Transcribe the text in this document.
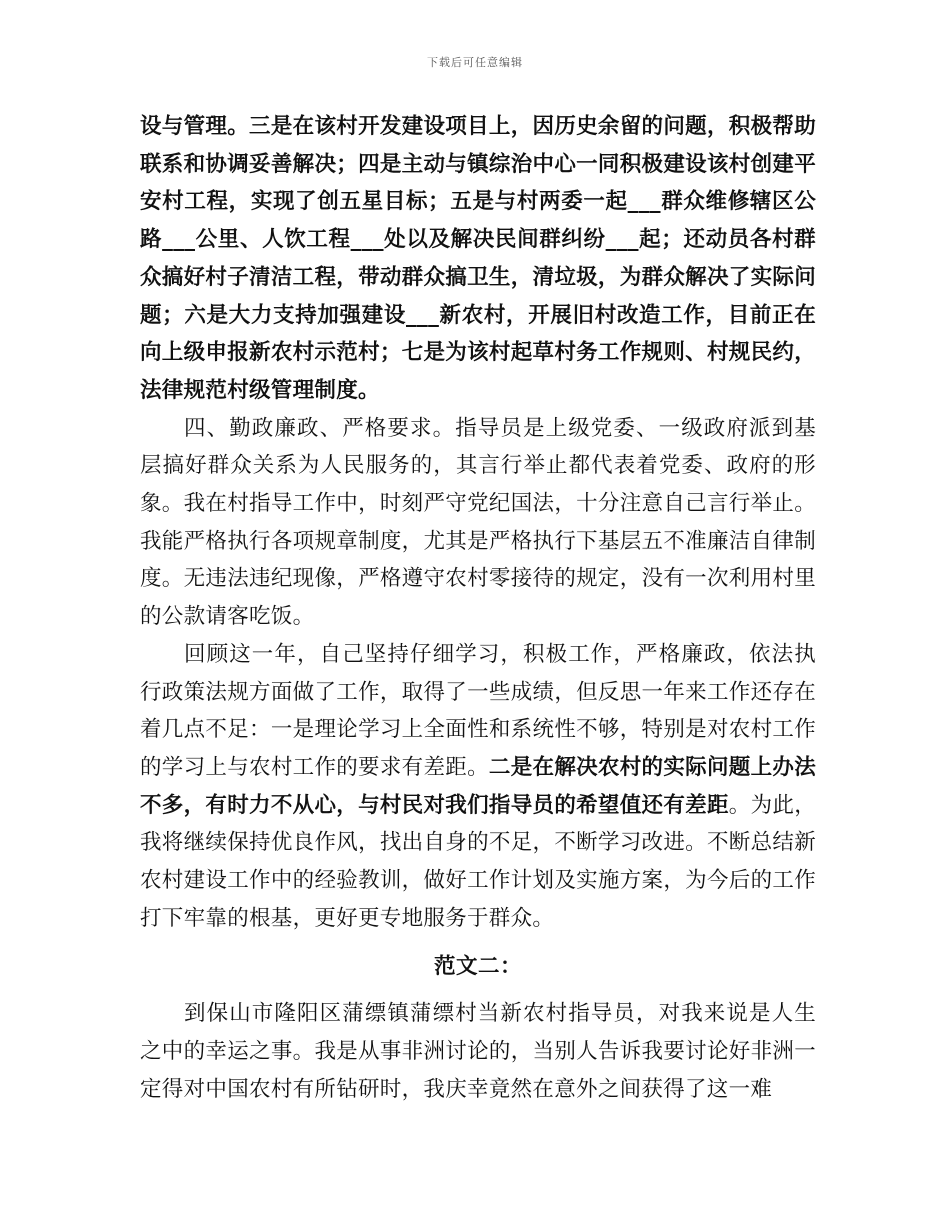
下载后可任意编辑

设与管理。三是在该村开发建设项目上，因历史余留的问题，积极帮助联系和协调妥善解决；四是主动与镇综治中心一同积极建设该村创建平安村工程，实现了创五星目标；五是与村两委一起___群众维修辖区公路___公里、人饮工程___处以及解决民间群纠纷___起；还动员各村群众搞好村子清洁工程，带动群众搞卫生，清垃圾，为群众解决了实际问题；六是大力支持加强建设___新农村，开展旧村改造工作，目前正在向上级申报新农村示范村；七是为该村起草村务工作规则、村规民约，法律规范村级管理制度。

四、勤政廉政、严格要求。指导员是上级党委、一级政府派到基层搞好群众关系为人民服务的，其言行举止都代表着党委、政府的形象。我在村指导工作中，时刻严守党纪国法，十分注意自己言行举止。我能严格执行各项规章制度，尤其是严格执行下基层五不准廉洁自律制度。无违法违纪现像，严格遵守农村零接待的规定，没有一次利用村里的公款请客吃饭。

回顾这一年，自己坚持仔细学习，积极工作，严格廉政，依法执行政策法规方面做了工作，取得了一些成绩，但反思一年来工作还存在着几点不足：一是理论学习上全面性和系统性不够，特别是对农村工作的学习上与农村工作的要求有差距。二是在解决农村的实际问题上办法不多，有时力不从心，与村民对我们指导员的希望值还有差距。为此，我将继续保持优良作风，找出自身的不足，不断学习改进。不断总结新农村建设工作中的经验教训，做好工作计划及实施方案，为今后的工作打下牢靠的根基，更好更专地服务于群众。

范文二：

到保山市隆阳区蒲缥镇蒲缥村当新农村指导员，对我来说是人生之中的幸运之事。我是从事非洲讨论的，当别人告诉我要讨论好非洲一定得对中国农村有所钻研时，我庆幸竟然在意外之间获得了这一难
